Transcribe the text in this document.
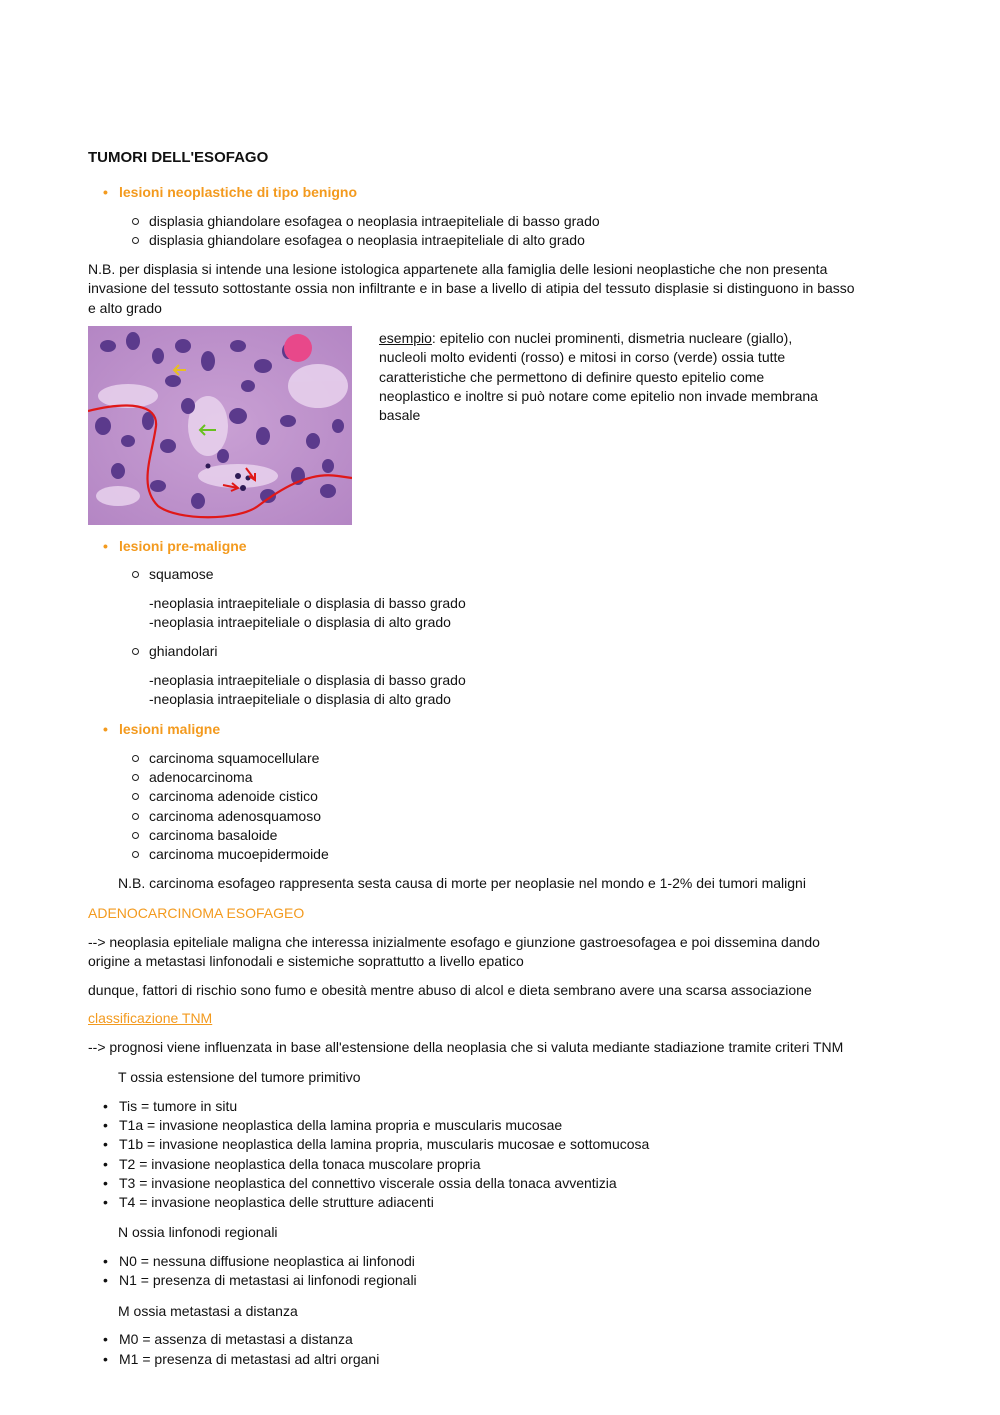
TUMORI DELL'ESOFAGO
• lesioni neoplastiche di tipo benigno
displasia ghiandolare esofagea o neoplasia intraepiteliale di basso grado
displasia ghiandolare esofagea o neoplasia intraepiteliale di alto grado
N.B. per displasia si intende una lesione istologica appartenete alla famiglia delle lesioni neoplastiche che non presenta
invasione del tessuto sottostante ossia non infiltrante e in base a livello di atipia del tessuto displasie si distinguono in basso
e alto grado
esempio: epitelio con nuclei prominenti, dismetria nucleare (giallo),
nucleoli molto evidenti (rosso) e mitosi in corso (verde) ossia tutte
caratteristiche che permettono di definire questo epitelio come
neoplastico e inoltre si può notare come epitelio non invade membrana
basale
• lesioni pre-maligne
squamose
-neoplasia intraepiteliale o displasia di basso grado
-neoplasia intraepiteliale o displasia di alto grado
ghiandolari
-neoplasia intraepiteliale o displasia di basso grado
-neoplasia intraepiteliale o displasia di alto grado
• lesioni maligne
carcinoma squamocellulare
adenocarcinoma
carcinoma adenoide cistico
carcinoma adenosquamoso
carcinoma basaloide
carcinoma mucoepidermoide
N.B. carcinoma esofageo rappresenta sesta causa di morte per neoplasie nel mondo e 1-2% dei tumori maligni
ADENOCARCINOMA ESOFAGEO
--> neoplasia epiteliale maligna che interessa inizialmente esofago e giunzione gastroesofagea e poi dissemina dando
origine a metastasi linfonodali e sistemiche soprattutto a livello epatico
dunque, fattori di rischio sono fumo e obesità mentre abuso di alcol e dieta sembrano avere una scarsa associazione
classificazione TNM
--> prognosi viene influenzata in base all'estensione della neoplasia che si valuta mediante stadiazione tramite criteri TNM
T ossia estensione del tumore primitivo
• Tis = tumore in situ
• T1a = invasione neoplastica della lamina propria e muscularis mucosae
• T1b = invasione neoplastica della lamina propria, muscularis mucosae e sottomucosa
• T2 = invasione neoplastica della tonaca muscolare propria
• T3 = invasione neoplastica del connettivo viscerale ossia della tonaca avventizia
• T4 = invasione neoplastica delle strutture adiacenti
N ossia linfonodi regionali
• N0 = nessuna diffusione neoplastica ai linfonodi
• N1 = presenza di metastasi ai linfonodi regionali
M ossia metastasi a distanza
• M0 = assenza di metastasi a distanza
• M1 = presenza di metastasi ad altri organi
